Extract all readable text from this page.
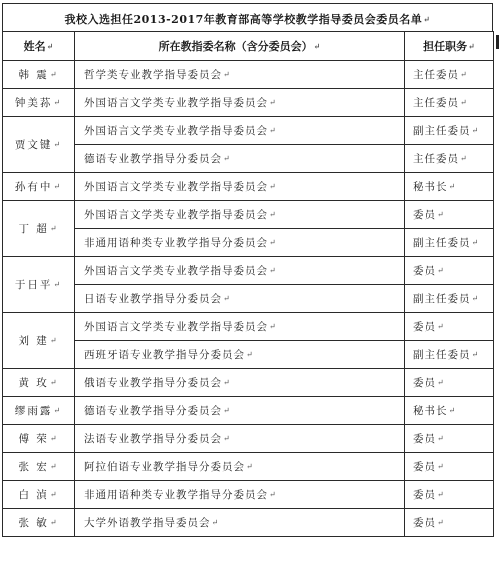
我校入选担任2013-2017年教育部高等学校教学指导委员会委员名单 ↵
姓名↵	所在教指委名称（含分委员会）↵	担任职务↵
韩 震↵	哲学类专业教学指导委员会↵	主任委员↵
钟美荪↵	外国语言文学类专业教学指导委员会↵	主任委员↵
贾文键↵	外国语言文学类专业教学指导委员会↵	副主任委员↵
	德语专业教学指导分委员会↵	主任委员↵
孙有中↵	外国语言文学类专业教学指导委员会↵	秘书长↵
丁 超↵	外国语言文学类专业教学指导委员会↵	委员↵
	非通用语种类专业教学指导分委员会↵	副主任委员↵
于日平↵	外国语言文学类专业教学指导委员会↵	委员↵
	日语专业教学指导分委员会↵	副主任委员↵
刘 建↵	外国语言文学类专业教学指导委员会↵	委员↵
	西班牙语专业教学指导分委员会↵	副主任委员↵
黄 玫↵	俄语专业教学指导分委员会↵	委员↵
缪雨露↵	德语专业教学指导分委员会↵	秘书长↵
傅 荣↵	法语专业教学指导分委员会↵	委员↵
张 宏↵	阿拉伯语专业教学指导分委员会↵	委员↵
白 湞↵	非通用语种类专业教学指导分委员会↵	委员↵
张 敏↵	大学外语教学指导委员会↵	委员↵
